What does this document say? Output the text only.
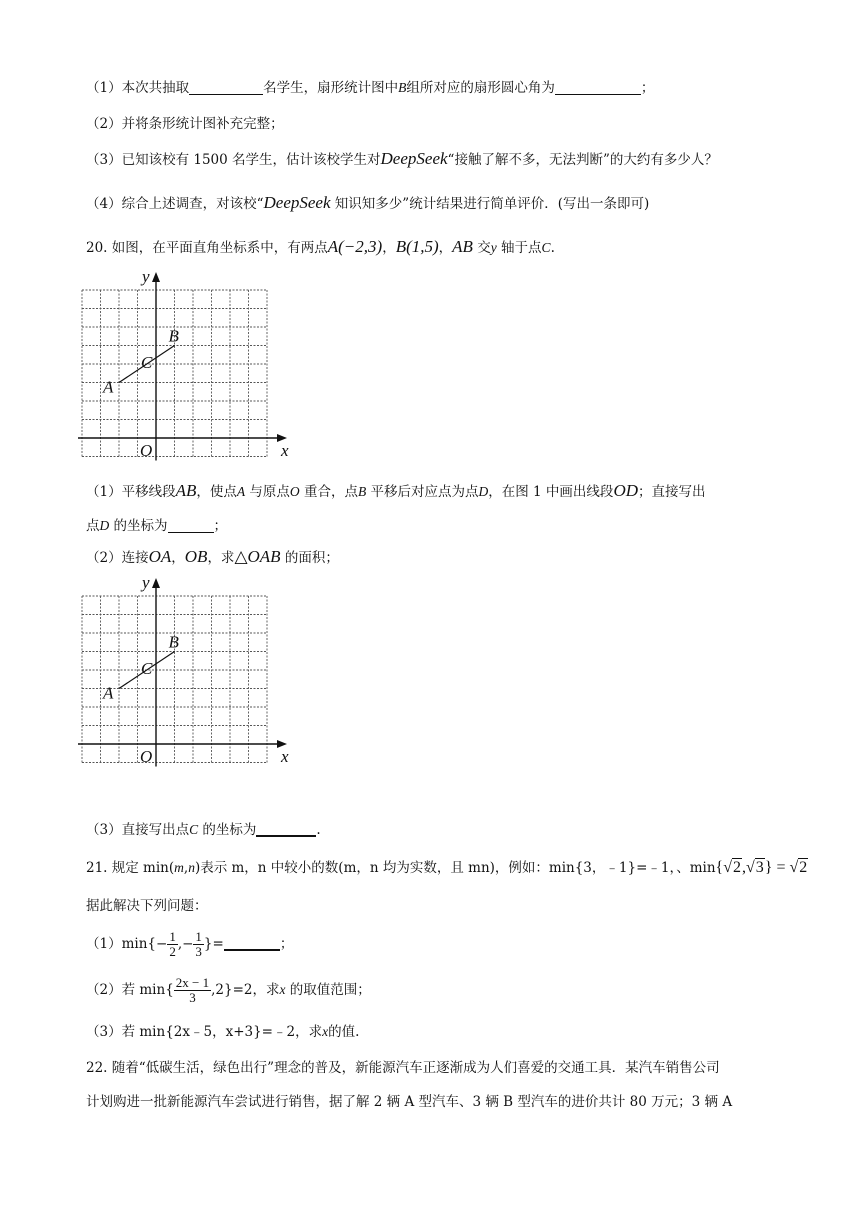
（1）本次共抽取	名学生，扇形统计图中B组所对应的扇形圆心角为	；
（2）并将条形统计图补充完整；
（3）已知该校有 1500 名学生，估计该校学生对DeepSeek“接触了解不多，无法判断”的大约有多少人？
（4）综合上述调查，对该校“DeepSeek 知识知多少”统计结果进行简单评价．(写出一条即可)
20. 如图，在平面直角坐标系中，有两点A(−2,3)，B(1,5)，AB 交y 轴于点C.
y
x
O
A
B
C
（1）平移线段AB，使点A 与原点O 重合，点B 平移后对应点为点D，在图 1 中画出线段OD；直接写出
点D 的坐标为	；
（2）连接OA，OB，求△OAB 的面积；
y
x
O
A
B
C
（3）直接写出点C 的坐标为	.
21. 规定 min(m,n)表示 m，n 中较小的数(m，n 均为实数，且 mn)，例如：min{3，﹣1}=﹣1，、min{√2,√3} = √2
据此解决下列问题：
$(1)\min\{- \frac{1}{2}$ ,− $\frac{1}{3}$ }=	；
（2）若 $\min\{ \frac{2x - 1}{3} ,2\}=2$，求x 的取值范围；
（3）若 min{2x﹣5，x+3}=﹣2，求x的值.
22. 随着“低碳生活，绿色出行”理念的普及，新能源汽车正逐渐成为人们喜爱的交通工具．某汽车销售公司
计划购进一批新能源汽车尝试进行销售，据了解 2 辆 A 型汽车、3 辆 B 型汽车的进价共计 80 万元；3 辆 A
